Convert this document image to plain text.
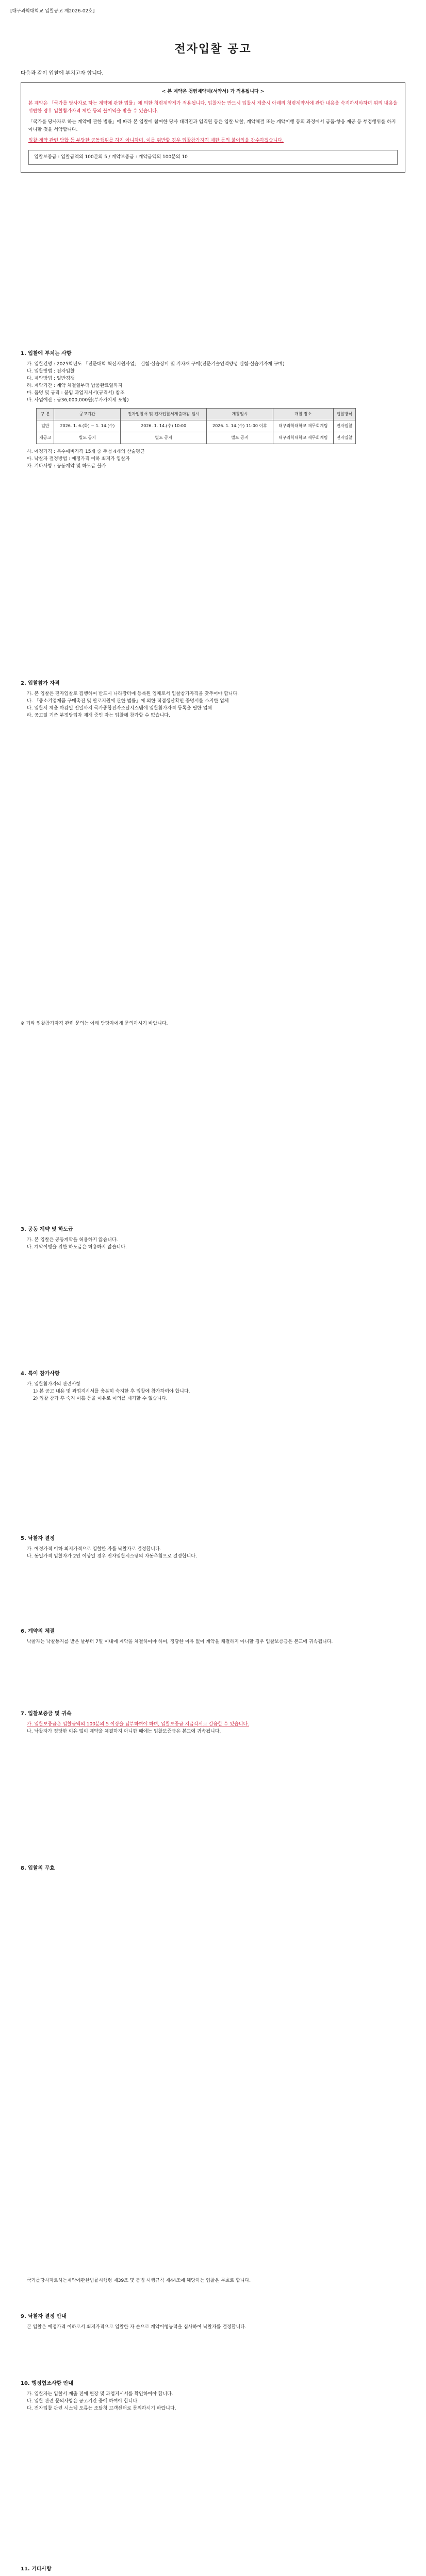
[대구과학대학교 입찰공고 제2026-02호]
전자입찰 공고
다음과 같이 입찰에 부치고자 합니다.
< 본 계약은 청렴계약제(서약서) 가 적용됩니다 >

본 계약은 「국가를 당사자로 하는 계약에 관한 법률」에 의한 청렴계약제가 적용됩니다. 입찰자는 반드시 입찰서 제출시 아래의 청렴계약서에 관한 내용을 숙지하셔야하며 위의 내용을 위반한 경우 입찰참가자격 제한 등의 불이익을 받을 수 있습니다.

「국가를 당사자로 하는 계약에 관한 법률」에 따라 본 입찰에 참여한 당사 대리인과 임직원 등은 입찰·낙찰, 계약체결 또는 계약이행 등의 과정에서 금품·향응 제공 등 부정행위를 하지 아니할 것을 서약합니다.

입찰·계약 관련 담합 등 부당한 공동행위를 하지 아니하며, 이를 위반할 경우 입찰참가자격 제한 등의 불이익을 감수하겠습니다.

입찰보증금 : 입찰금액의 100분의 5 / 계약보증금 : 계약금액의 100분의 10
1. 입찰에 부치는 사항

가. 입찰건명 : 2025학년도 「전문대학 혁신지원사업」 실험·실습장비 및 기자재 구매(전문기술인력양성 실험·실습기자재 구매)

나. 입찰방법 : 전자입찰

다. 계약방법 : 일반경쟁

라. 계약기간 : 계약 체결일부터 납품완료일까지

마. 품명 및 규격 : 붙임 과업지시서(규격서) 참조

바. 사업예산 : 금36,000,000원(부가가치세 포함)

구 분	공고기간	전자입찰서 및 전자입찰서제출마감 일시	개찰일시	개찰 장소	입찰방식
일반	2026. 1. 6.(화) ~ 1. 14.(수)	2026. 1. 14.(수) 10:00	2026. 1. 14.(수) 11:00 이후	대구과학대학교 재무회계팀	전자입찰
재공고	별도 공지	별도 공지	별도 공지	대구과학대학교 재무회계팀	전자입찰

사. 예정가격 : 복수예비가격 15개 중 추첨 4개의 산술평균

아. 낙찰자 결정방법 : 예정가격 이하 최저가 입찰자

자. 기타사항 : 공동계약 및 하도급 불가

2. 입찰참가 자격

가. 본 입찰은 전자입찰로 집행하며 반드시 나라장터에 등록된 업체로서 입찰참가자격을 갖추어야 합니다.

나. 「중소기업제품 구매촉진 및 판로지원에 관한 법률」에 의한 직접생산확인 증명서를 소지한 업체

다. 입찰서 제출 마감일 전일까지 국가종합전자조달시스템에 입찰참가자격 등록을 필한 업체

라. 공고일 기준 부정당업자 제재 중인 자는 입찰에 참가할 수 없습니다.

※ 기타 입찰참가자격 관련 문의는 아래 담당자에게 문의하시기 바랍니다.

3. 공동 계약 및 하도급

가. 본 입찰은 공동계약을 허용하지 않습니다.

나. 계약이행을 위한 하도급은 허용하지 않습니다.

4. 특이 참가사항

가. 입찰참가자의 관련사항

1) 본 공고 내용 및 과업지시서를 충분히 숙지한 후 입찰에 참가하여야 합니다.

2) 입찰 참가 후 숙지 미흡 등을 이유로 이의를 제기할 수 없습니다.

5. 낙찰자 결정

가. 예정가격 이하 최저가격으로 입찰한 자를 낙찰자로 결정합니다.

나. 동일가격 입찰자가 2인 이상일 경우 전자입찰시스템의 자동추첨으로 결정합니다.

6. 계약의 체결

낙찰자는 낙찰통지를 받은 날부터 7일 이내에 계약을 체결하여야 하며, 정당한 이유 없이 계약을 체결하지 아니할 경우 입찰보증금은 본교에 귀속됩니다.

7. 입찰보증금 및 귀속

가. 입찰보증금은 입찰금액의 100분의 5 이상을 납부하여야 하며, 입찰보증금 지급각서로 갈음할 수 있습니다.

나. 낙찰자가 정당한 이유 없이 계약을 체결하지 아니한 때에는 입찰보증금은 본교에 귀속됩니다.

8. 입찰의 무효

국가를당사자로하는계약에관한법률시행령 제39조 및 동법 시행규칙 제44조에 해당하는 입찰은 무효로 합니다.

9. 낙찰자 결정 안내

본 입찰은 예정가격 이하로서 최저가격으로 입찰한 자 순으로 계약이행능력을 심사하여 낙찰자를 결정합니다.

10. 행정협조사항 안내

가. 입찰자는 입찰서 제출 전에 현장 및 과업지시서를 확인하여야 합니다.

나. 입찰 관련 문의사항은 공고기간 중에 하여야 합니다.

다. 전자입찰 관련 시스템 오류는 조달청 고객센터로 문의하시기 바랍니다.

11. 기타사항
